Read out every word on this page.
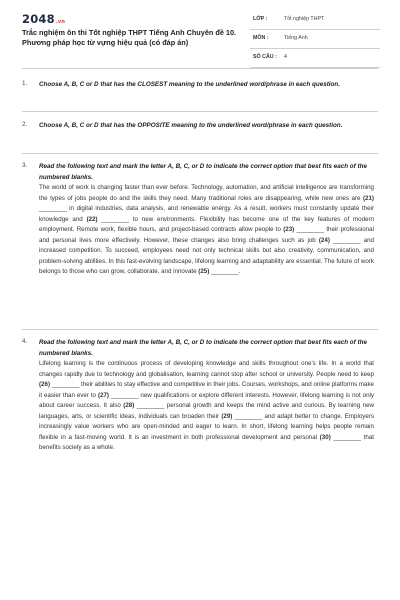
2048.vn
Trắc nghiệm ôn thi Tốt nghiệp THPT Tiếng Anh Chuyên đề 10. Phương pháp học từ vựng hiệu quả (có đáp án)
LỚP :	Tốt nghiệp THPT
MÔN :	Tiếng Anh
SỐ CÂU : 4
1. Choose A, B, C or D that has the CLOSEST meaning to the underlined word/phrase in each question.
2. Choose A, B, C or D that has the OPPOSITE meaning to the underlined word/phrase in each question.
3. Read the following text and mark the letter A, B, C, or D to indicate the correct option that best fits each of the numbered blanks.
The world of work is changing faster than ever before. Technology, automation, and artificial intelligence are transforming the types of jobs people do and the skills they need. Many traditional roles are disappearing, while new ones are (21) ________ in digital industries, data analysis, and renewable energy. As a result, workers must constantly update their knowledge and (22) ________ to new environments. Flexibility has become one of the key features of modern employment. Remote work, flexible hours, and project-based contracts allow people to (23) ________ their professional and personal lives more effectively. However, these changes also bring challenges such as job (24) ________ and increased competition. To succeed, employees need not only technical skills but also creativity, communication, and problem-solving abilities. In this fast-evolving landscape, lifelong learning and adaptability are essential. The future of work belongs to those who can grow, collaborate, and innovate (25) ________.
4. Read the following text and mark the letter A, B, C, or D to indicate the correct option that best fits each of the numbered blanks.
Lifelong learning is the continuous process of developing knowledge and skills throughout one's life. In a world that changes rapidly due to technology and globalisation, learning cannot stop after school or university. People need to keep (26) ________ their abilities to stay effective and competitive in their jobs. Courses, workshops, and online platforms make it easier than ever to (27) ________ new qualifications or explore different interests. However, lifelong learning is not only about career success. It also (28) ________ personal growth and keeps the mind active and curious. By learning new languages, arts, or scientific ideas, individuals can broaden their (29) ________ and adapt better to change. Employers increasingly value workers who are open-minded and eager to learn. In short, lifelong learning helps people remain flexible in a fast-moving world. It is an investment in both professional development and personal (30) ________ that benefits society as a whole.
